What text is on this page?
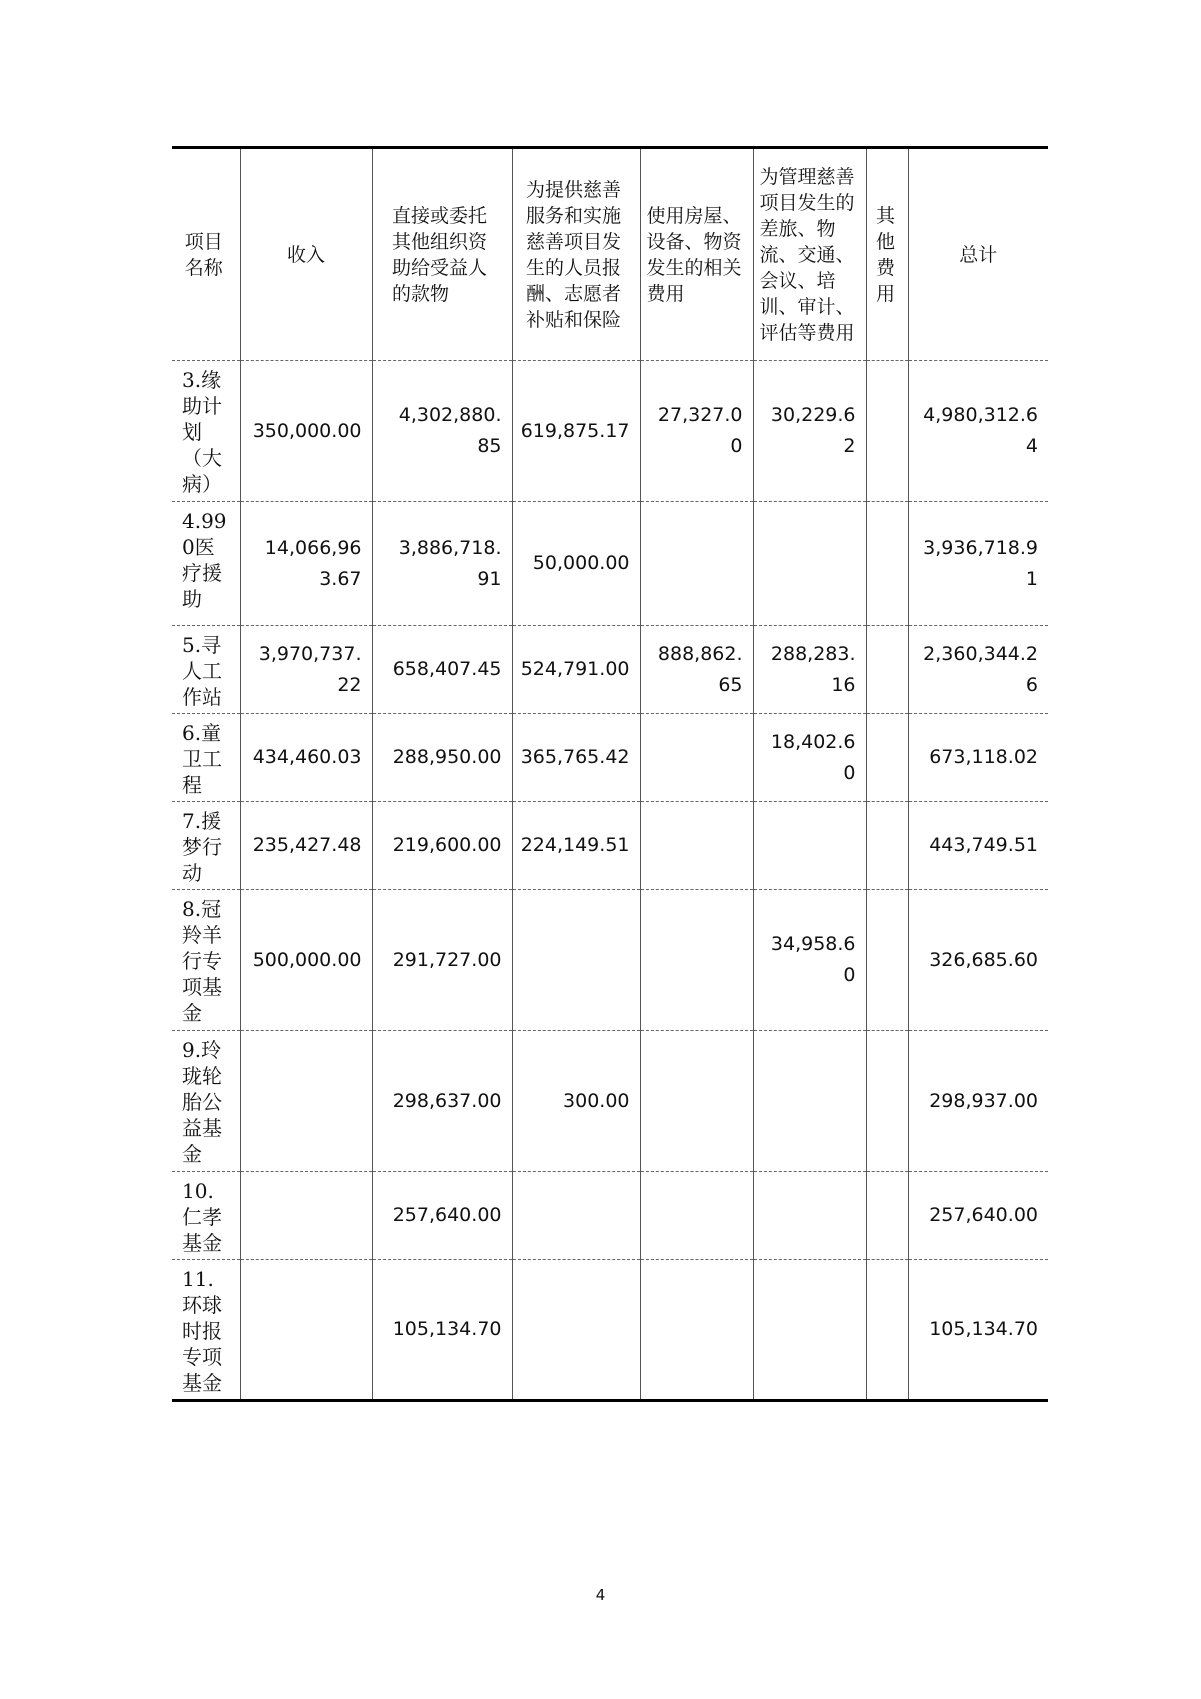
项目名称	收入	直接或委托其他组织资助给受益人的款物	为提供慈善服务和实施慈善项目发生的人员报酬、志愿者补贴和保险	使用房屋、设备、物资发生的相关费用	为管理慈善项目发生的差旅、物流、交通、会议、培训、审计、评估等费用	其他费用	总计
3.缘助计划（大病）	350,000.00	4,302,880.85	619,875.17	27,327.00	30,229.62		4,980,312.64
4.990医疗援助	14,066,963.67	3,886,718.91	50,000.00				3,936,718.91
5.寻人工作站	3,970,737.22	658,407.45	524,791.00	888,862.65	288,283.16		2,360,344.26
6.童卫工程	434,460.03	288,950.00	365,765.42		18,402.60		673,118.02
7.援梦行动	235,427.48	219,600.00	224,149.51				443,749.51
8.冠羚羊行专项基金	500,000.00	291,727.00			34,958.60		326,685.60
9.玲珑轮胎公益基金		298,637.00	300.00				298,937.00
10.仁孝基金		257,640.00					257,640.00
11.环球时报专项基金		105,134.70					105,134.70
4
